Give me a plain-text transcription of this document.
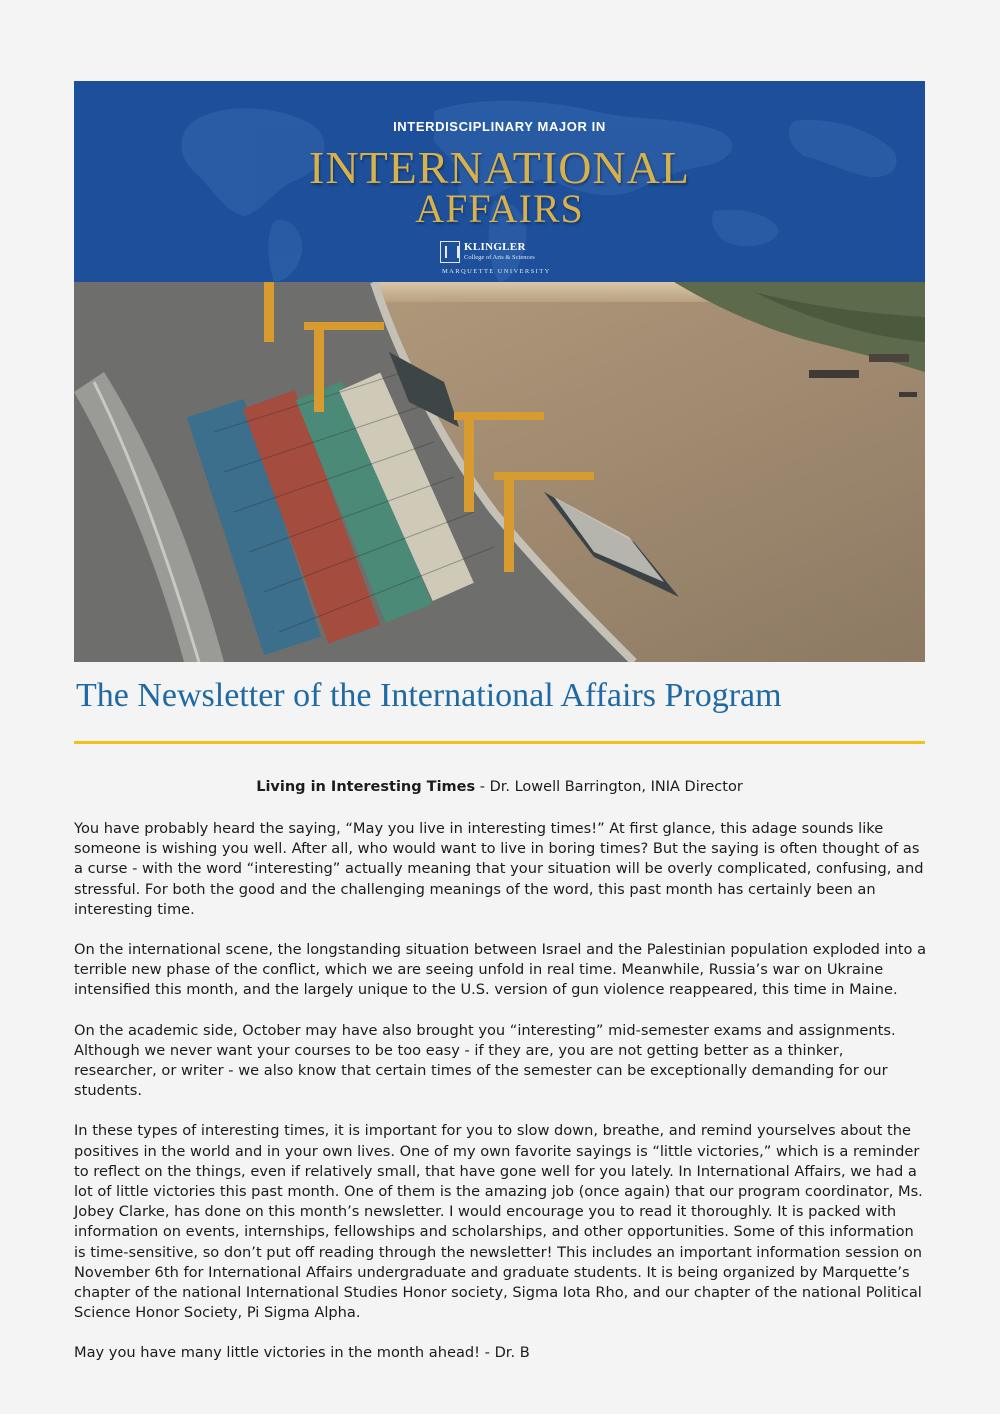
INTERDISCIPLINARY MAJOR IN
INTERNATIONAL
AFFAIRS
KLINGLER
College of Arts & Sciences
MARQUETTE UNIVERSITY
The Newsletter of the International Affairs Program
Living in Interesting Times - Dr. Lowell Barrington, INIA Director

You have probably heard the saying, “May you live in interesting times!” At first glance, this adage sounds like someone is wishing you well. After all, who would want to live in boring times? But the saying is often thought of as a curse - with the word “interesting” actually meaning that your situation will be overly complicated, confusing, and stressful. For both the good and the challenging meanings of the word, this past month has certainly been an interesting time.

On the international scene, the longstanding situation between Israel and the Palestinian population exploded into a terrible new phase of the conflict, which we are seeing unfold in real time. Meanwhile, Russia’s war on Ukraine intensified this month, and the largely unique to the U.S. version of gun violence reappeared, this time in Maine.

On the academic side, October may have also brought you “interesting” mid-semester exams and assignments. Although we never want your courses to be too easy - if they are, you are not getting better as a thinker, researcher, or writer - we also know that certain times of the semester can be exceptionally demanding for our students.

In these types of interesting times, it is important for you to slow down, breathe, and remind yourselves about the positives in the world and in your own lives. One of my own favorite sayings is “little victories,” which is a reminder to reflect on the things, even if relatively small, that have gone well for you lately. In International Affairs, we had a lot of little victories this past month. One of them is the amazing job (once again) that our program coordinator, Ms. Jobey Clarke, has done on this month’s newsletter. I would encourage you to read it thoroughly. It is packed with information on events, internships, fellowships and scholarships, and other opportunities. Some of this information is time-sensitive, so don’t put off reading through the newsletter! This includes an important information session on November 6th for International Affairs undergraduate and graduate students. It is being organized by Marquette’s chapter of the national International Studies Honor society, Sigma Iota Rho, and our chapter of the national Political Science Honor Society, Pi Sigma Alpha.

May you have many little victories in the month ahead! - Dr. B
